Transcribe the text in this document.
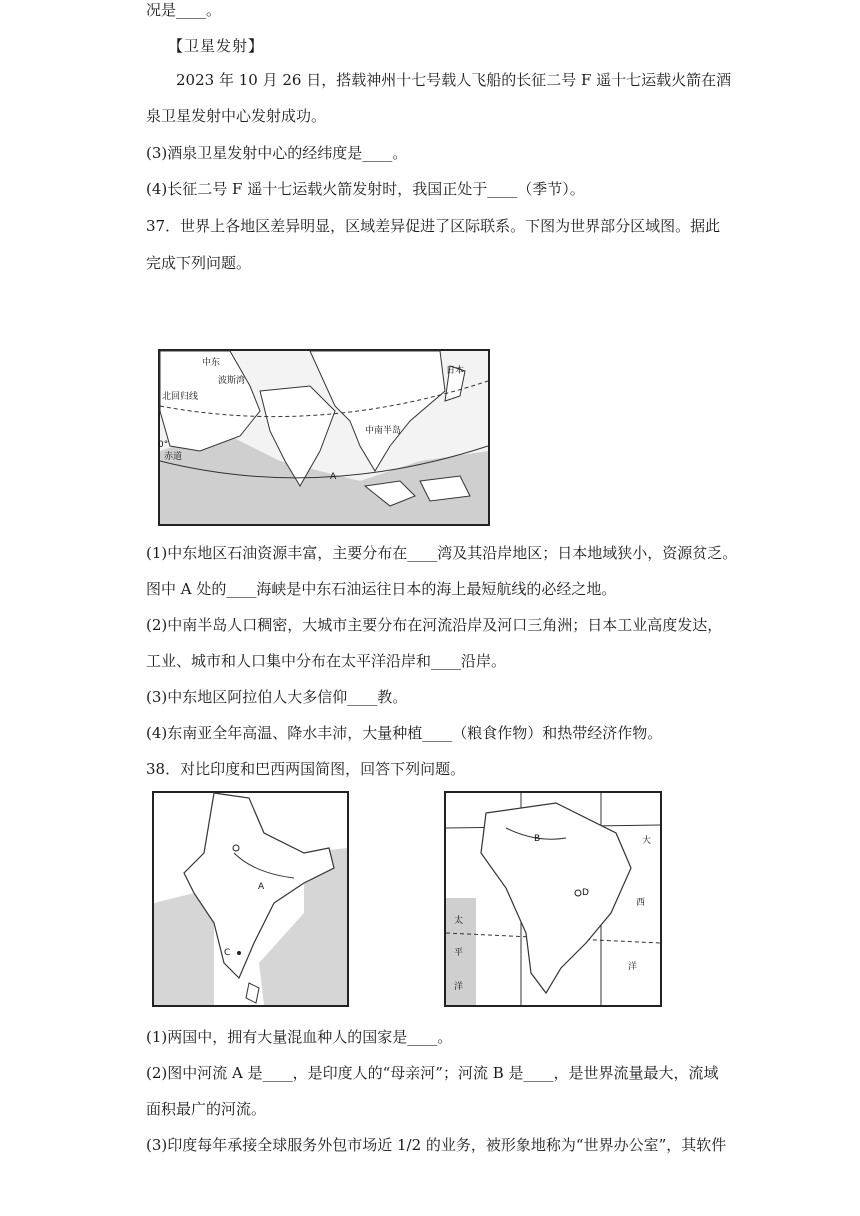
况是____。
【卫星发射】
2023 年 10 月 26 日，搭载神州十七号载人飞船的长征二号 F 遥十七运载火箭在酒
泉卫星发射中心发射成功。
(3)酒泉卫星发射中心的经纬度是____。
(4)长征二号 F 遥十七运载火箭发射时，我国正处于____（季节）。
37．世界上各地区差异明显，区域差异促进了区际联系。下图为世界部分区域图。据此
完成下列问题。
中东
波斯湾
日本
中南半岛
A
北回归线
0°
赤道
(1)中东地区石油资源丰富，主要分布在____湾及其沿岸地区；日本地域狭小，资源贫乏。
图中 A 处的____海峡是中东石油运往日本的海上最短航线的必经之地。
(2)中南半岛人口稠密，大城市主要分布在河流沿岸及河口三角洲；日本工业高度发达，
工业、城市和人口集中分布在太平洋沿岸和____沿岸。
(3)中东地区阿拉伯人大多信仰____教。
(4)东南亚全年高温、降水丰沛，大量种植____（粮食作物）和热带经济作物。
38．对比印度和巴西两国简图，回答下列问题。
A
C
B
D
大
西
洋
太
平
洋
(1)两国中，拥有大量混血种人的国家是____。
(2)图中河流 A 是____，是印度人的“母亲河”；河流 B 是____，是世界流量最大，流域
面积最广的河流。
(3)印度每年承接全球服务外包市场近 1/2 的业务，被形象地称为“世界办公室”，其软件
